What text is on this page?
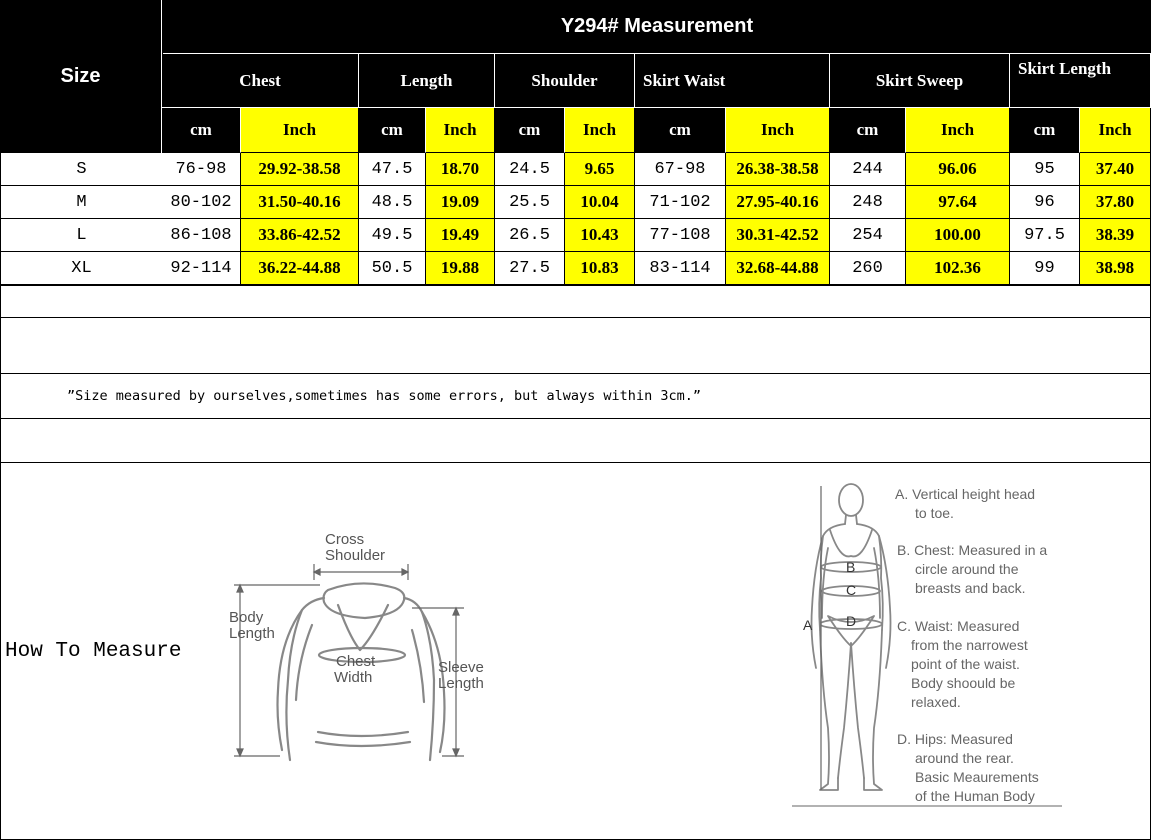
Size
Y294# Measurement
Chest	Length	Shoulder	Skirt Waist	Skirt Sweep
Skirt Length
cm	Inch	cm Inch cm	Inch	cm	Inch	cm	Inch	cm	Inch
S	76-98 29.92-38.58 47.5 18.70 24.5 9.65 67-98 26.38-38.58 244	96.06	95 37.40
M	80-102 31.50-40.16 48.5 19.09 25.5 10.04 71-102 27.95-40.16 248	97.64	96 37.80
L	86-108 33.86-42.52 49.5 19.49 26.5 10.43 77-108 30.31-42.52 254	100.00	97.5 38.39
XL	92-114 36.22-44.88 50.5 19.88 27.5 10.83 83-114 32.68-44.88 260	102.36	99 38.98
”Size measured by ourselves,sometimes has some errors, but always within 3cm.”
How To Measure
Cross
Shoulder
Body
Length
Chest
Width
Sleeve
Length
A
B
C
D
A. Vertical height head
to toe.
B. Chest: Measured in a
circle around the
breasts and back.
C. Waist: Measured
from the narrowest
point of the waist.
Body shoould be
relaxed.
D. Hips: Measured
around the rear.
Basic Meaurements
of the Human Body
